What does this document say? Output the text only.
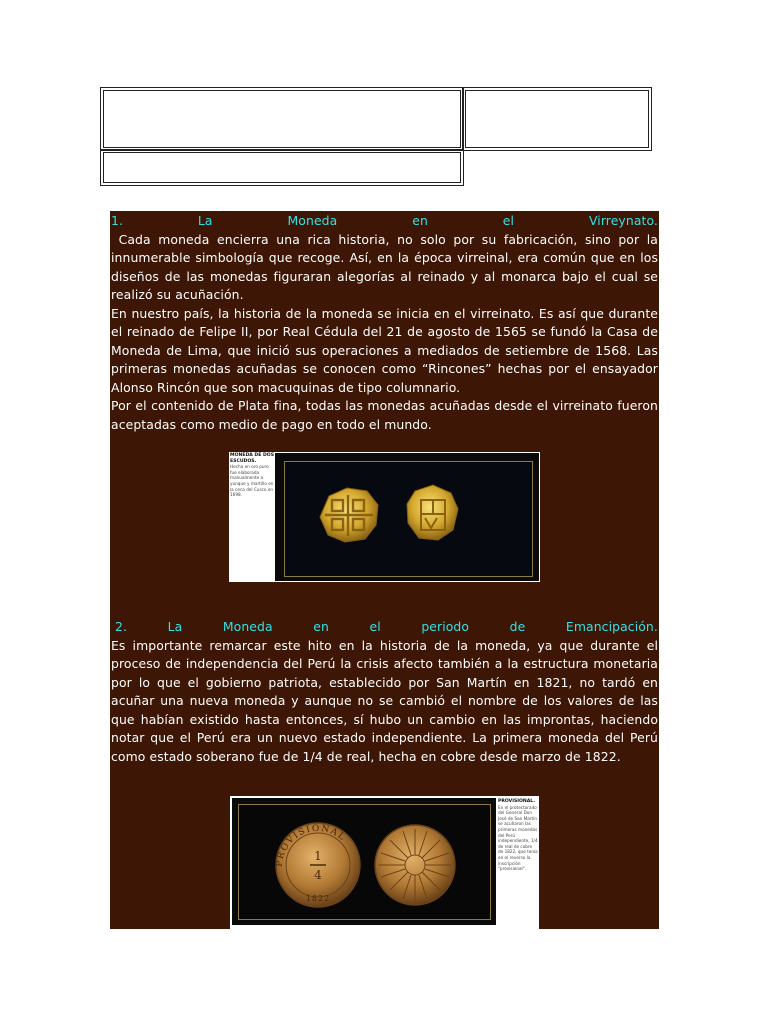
1.	La	Moneda	en	el	Virreynato.

Cada moneda encierra una rica historia, no solo por su fabricación, sino por la innumerable simbología que recoge. Así, en la época virreinal, era común que en los diseños de las monedas figuraran alegorías al reinado y al monarca bajo el cual se realizó su acuñación.

En nuestro país, la historia de la moneda se inicia en el virreinato. Es así que durante el reinado de Felipe II, por Real Cédula del 21 de agosto de 1565 se fundó la Casa de Moneda de Lima, que inició sus operaciones a mediados de setiembre de 1568. Las primeras monedas acuñadas se conocen como “Rincones” hechas por el ensayador Alonso Rincón que son macuquinas de tipo columnario.

Por el contenido de Plata fina, todas las monedas acuñadas desde el virreinato fueron aceptadas como medio de pago en todo el mundo.

2.	La	Moneda	en	el	periodo	de	Emancipación.

Es importante remarcar este hito en la historia de la moneda, ya que durante el proceso de independencia del Perú la crisis afecto también a la estructura monetaria por lo que el gobierno patriota, establecido por San Martín en 1821, no tardó en acuñar una nueva moneda y aunque no se cambió el nombre de los valores de las que habían existido hasta entonces, sí hubo un cambio en las improntas, haciendo notar que el Perú era un nuevo estado independiente. La primera moneda del Perú como estado soberano fue de 1/4 de real, hecha en cobre desde marzo de 1822.

MONEDA DE DOS ESCUDOS.
Hecha en oro puro fue elaborada manualmente a yunque y martillo en la ceca del Cusco en 1698.
PROVISIONAL
1
4
1822
PROVISIONAL.
En el protectorado del General Don José de San Martín se acuñaron las primeras monedas del Perú independiente, 1/4 de real de cobre de 1822, que tenía en el reverso la inscripción "provisional".
